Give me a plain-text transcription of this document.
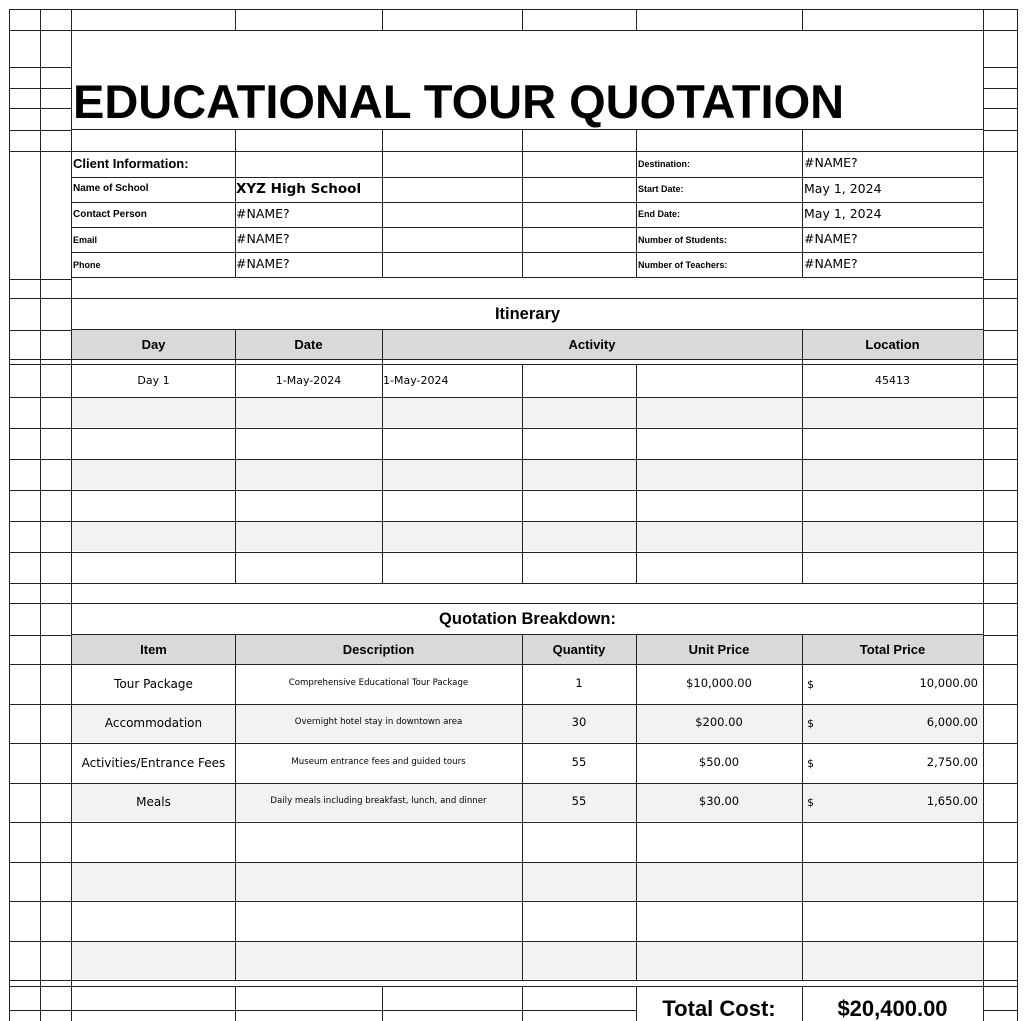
EDUCATIONAL TOUR QUOTATION
Client Information:
Name of School	XYZ High School
Contact Person	#NAME?
Email	#NAME?
Phone	#NAME?
Destination:	#NAME?
Start Date:	May 1, 2024
End Date:	May 1, 2024
Number of Students:	#NAME?
Number of Teachers:	#NAME?
Itinerary
Day	Date	Activity	Location
Day 1	1-May-2024	1-May-2024	45413
Quotation Breakdown:
Item	Description	Quantity	Unit Price	Total Price
Tour Package	Comprehensive Educational Tour Package	1	$10,000.00	$	10,000.00
Accommodation	Overnight hotel stay in downtown area	30	$200.00	$	6,000.00
Activities/Entrance Fees	Museum entrance fees and guided tours	55	$50.00	$	2,750.00
Meals	Daily meals including breakfast, lunch, and dinner	55	$30.00	$	1,650.00
Total Cost:	$20,400.00
